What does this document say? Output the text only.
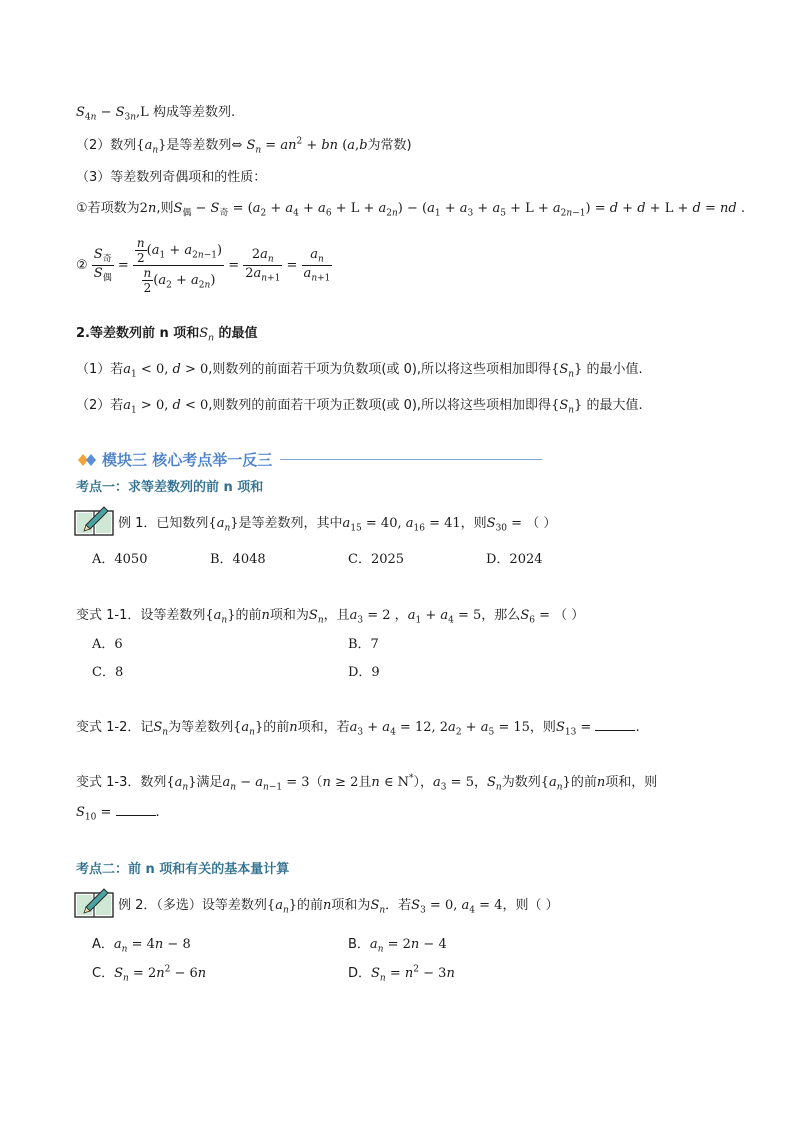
$S_{4n} - S_{3n},L$ 构成等差数列.
（2）数列$\{a_n\}$是等差数列⇔ $S_n = an^2$ + bn (a,b为常数)
（3）等差数列奇偶项和的性质：
①若项数为2n,则$S_偶 - S_奇 = (a_2 + a_4 + a_6 + L + a_{2n}) - (a_1 + a_3 + a_5 + L + a_{2n-1}) = d + d + L + d$ = nd .
② $\frac{S_奇}{S_偶} = \frac{\frac{n}{2} (a_1 + a_{2n-1})}{\frac{n}{2} (a_2 + a_{2n})} = \frac{2a_n}{2a_{n+1}} = \frac{a_n}{a_{n+1}}$
2.等差数列前 n 项和$S_n$ 的最值
（1）若$a_1 < 0$, d > 0,则数列的前面若干项为负数项(或 0),所以将这些项相加即得$\{S_n\}$ 的最小值.
（2）若$a_1 > 0$, d < 0,则数列的前面若干项为正数项(或 0),所以将这些项相加即得$\{S_n\}$ 的最大值.
模块三 核心考点举一反三
考点一：求等差数列的前 n 项和
例 1．已知数列$\{a_n\}$是等差数列，其中$a_{15} = 40$, $a_{16} = 41$，则$S_{30}$ = （ ）
A．4050	B．4048	C．2025	D．2024
变式 1-1．设等差数列$\{a_n\}$的前n项和为$S_n$，且$a_3 = 2$ ，$a_1 + a_4 = 5$，那么$S_6$ = （ ）
A．6	B．7
C．8	D．9
变式 1-2．记$S_n$为等差数列$\{a_n\}$的前n项和，若$a_3 + a_4 = 12$, $2a_2 + a_5 = 15$，则$S_{13}$ =	.
变式 1-3．数列$\{a_n\}$满足$a_n - a_{n-1} = 3(n \ge 2$且n ∈ N*），$a_3 = 5$，$S_n$为数列$\{a_n\}$的前n项和，则
$S_{10}$ =	.
考点二：前 n 项和有关的基本量计算
例 2．（多选）设等差数列$\{a_n\}$的前n项和为$S_n$．若$S_3 = 0$, $a_4 = 4$，则（ ）
A．$a_n = 4n - 8$	B．$a_n = 2n - 4$
C．$S_n = 2n^2 - 6n$	D．$S_n = n^2 - 3n$
